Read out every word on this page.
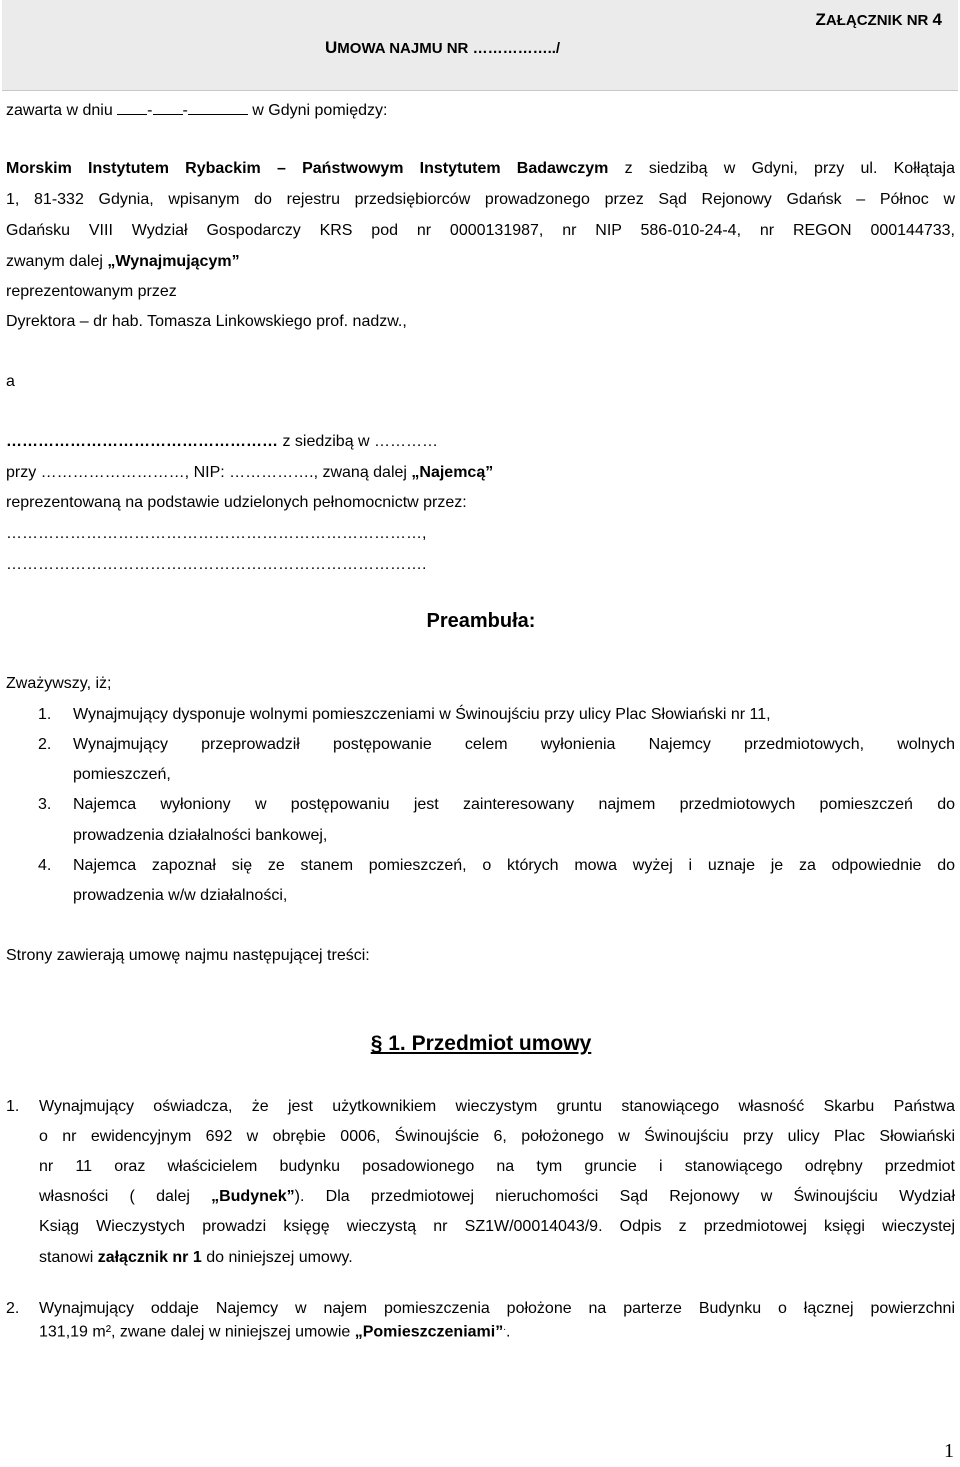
ZAŁĄCZNIK NR 4
UMOWA NAJMU NR ……………../
zawarta w dniu - -	w Gdyni pomiędzy:
Morskim Instytutem Rybackim – Państwowym Instytutem Badawczym z siedzibą w Gdyni, przy ul. Kołłątaja
1, 81-332 Gdynia, wpisanym do rejestru przedsiębiorców prowadzonego przez Sąd Rejonowy Gdańsk – Północ w
Gdańsku VIII Wydział Gospodarczy KRS pod nr 0000131987, nr NIP 586-010-24-4, nr REGON 000144733,
zwanym dalej „Wynajmującym”
reprezentowanym przez
Dyrektora – dr hab. Tomasza Linkowskiego prof. nadzw.,
a
…………………………………………… z siedzibą w …………
przy ………………………, NIP: ……………., zwaną dalej „Najemcą”
reprezentowaną na podstawie udzielonych pełnomocnictw przez:
……………………………………………………………………,
…………………………………………………………………….
Preambuła:
Zważywszy, iż;
1. Wynajmujący dysponuje wolnymi pomieszczeniami w Świnoujściu przy ulicy Plac Słowiański nr 11,
2. Wynajmujący przeprowadził postępowanie celem wyłonienia Najemcy przedmiotowych, wolnych
pomieszczeń,
3. Najemca wyłoniony w postępowaniu jest zainteresowany najmem przedmiotowych pomieszczeń do
prowadzenia działalności bankowej,
4. Najemca zapoznał się ze stanem pomieszczeń, o których mowa wyżej i uznaje je za odpowiednie do
prowadzenia w/w działalności,
Strony zawierają umowę najmu następującej treści:
§ 1. Przedmiot umowy
1. Wynajmujący oświadcza, że jest użytkownikiem wieczystym gruntu stanowiącego własność Skarbu Państwa
o nr ewidencyjnym 692 w obrębie 0006, Świnoujście 6, położonego w Świnoujściu przy ulicy Plac Słowiański
nr 11 oraz właścicielem budynku posadowionego na tym gruncie i stanowiącego odrębny przedmiot
własności ( dalej „Budynek”). Dla przedmiotowej nieruchomości Sąd Rejonowy w Świnoujściu Wydział
Ksiąg Wieczystych prowadzi księgę wieczystą nr SZ1W/00014043/9. Odpis z przedmiotowej księgi wieczystej
stanowi załącznik nr 1 do niniejszej umowy.
2. Wynajmujący oddaje Najemcy w najem pomieszczenia położone na parterze Budynku o łącznej powierzchni
131,19 m², zwane dalej w niniejszej umowie „Pomieszczeniami”..
1
